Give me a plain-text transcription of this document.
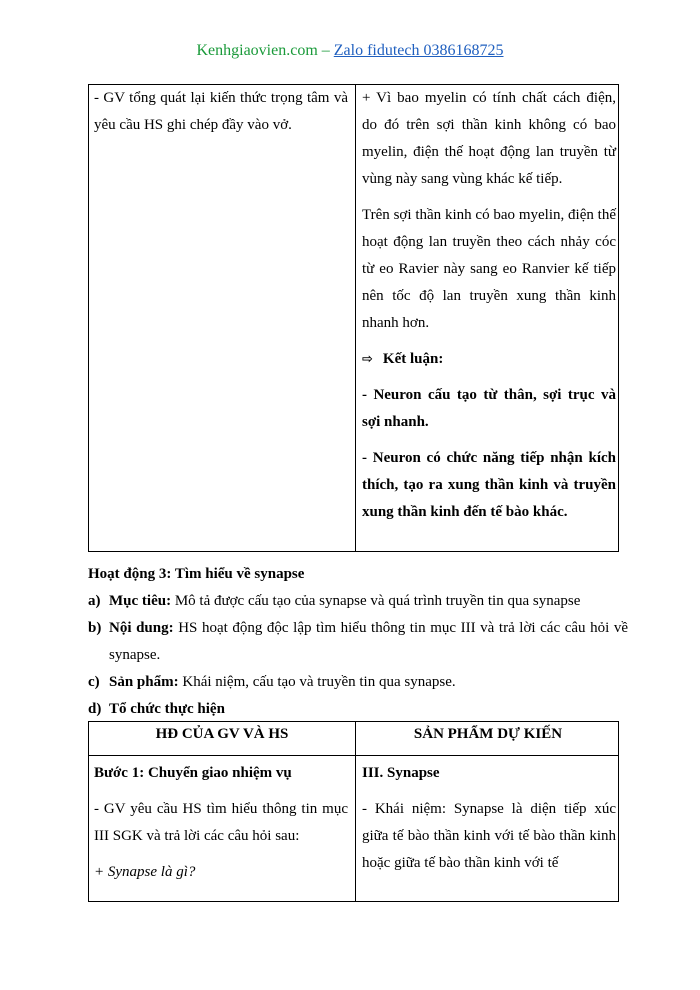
Kenhgiaovien.com – Zalo fidutech 0386168725

- GV tổng quát lại kiến thức trọng tâm và yêu cầu HS ghi chép đầy vào vở.

+ Vì bao myelin có tính chất cách điện, do đó trên sợi thần kinh không có bao myelin, điện thế hoạt động lan truyền từ vùng này sang vùng khác kế tiếp.

Trên sợi thần kinh có bao myelin, điện thế hoạt động lan truyền theo cách nhảy cóc từ eo Ravier này sang eo Ranvier kế tiếp nên tốc độ lan truyền xung thần kinh nhanh hơn.

⇨ Kết luận:

- Neuron cấu tạo từ thân, sợi trục và sợi nhanh.

- Neuron có chức năng tiếp nhận kích thích, tạo ra xung thần kinh và truyền xung thần kinh đến tế bào khác.

Hoạt động 3: Tìm hiểu về synapse

a) Mục tiêu: Mô tả được cấu tạo của synapse và quá trình truyền tin qua synapse
b) Nội dung: HS hoạt động độc lập tìm hiểu thông tin mục III và trả lời các câu hỏi về synapse.
c) Sản phẩm: Khái niệm, cấu tạo và truyền tin qua synapse.
d) Tổ chức thực hiện
HĐ CỦA GV VÀ HS	SẢN PHẨM DỰ KIẾN

Bước 1: Chuyển giao nhiệm vụ

- GV yêu cầu HS tìm hiểu thông tin mục III SGK và trả lời các câu hỏi sau:

+ Synapse là gì?

III. Synapse

- Khái niệm: Synapse là diện tiếp xúc giữa tế bào thần kinh với tế bào thần kinh hoặc giữa tế bào thần kinh với tế
